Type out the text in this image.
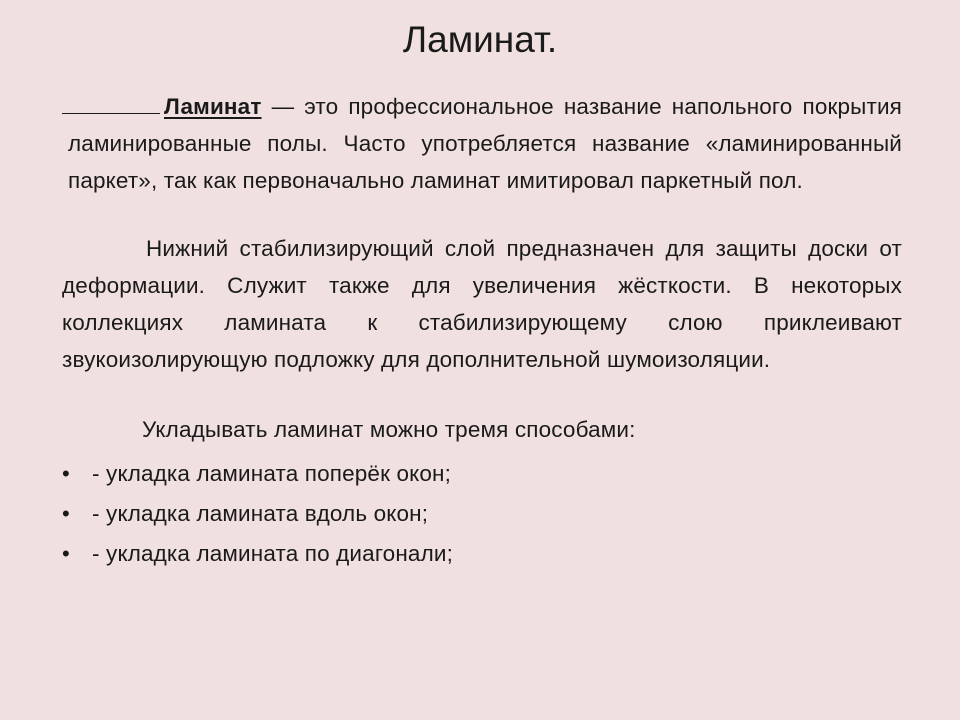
Ламинат.

Ламинат — это профессиональное название напольного покрытия ламинированные полы. Часто употребляется название «ламинированный паркет», так как первоначально ламинат имитировал паркетный пол.

Нижний стабилизирующий слой предназначен для защиты доски от деформации. Служит также для увеличения жёсткости. В некоторых коллекциях ламината к стабилизирующему слою приклеивают звукоизолирующую подложку для дополнительной шумоизоляции.

Укладывать ламинат можно тремя способами:

• - укладка ламината поперёк окон;
• - укладка ламината вдоль окон;
• - укладка ламината по диагонали;
